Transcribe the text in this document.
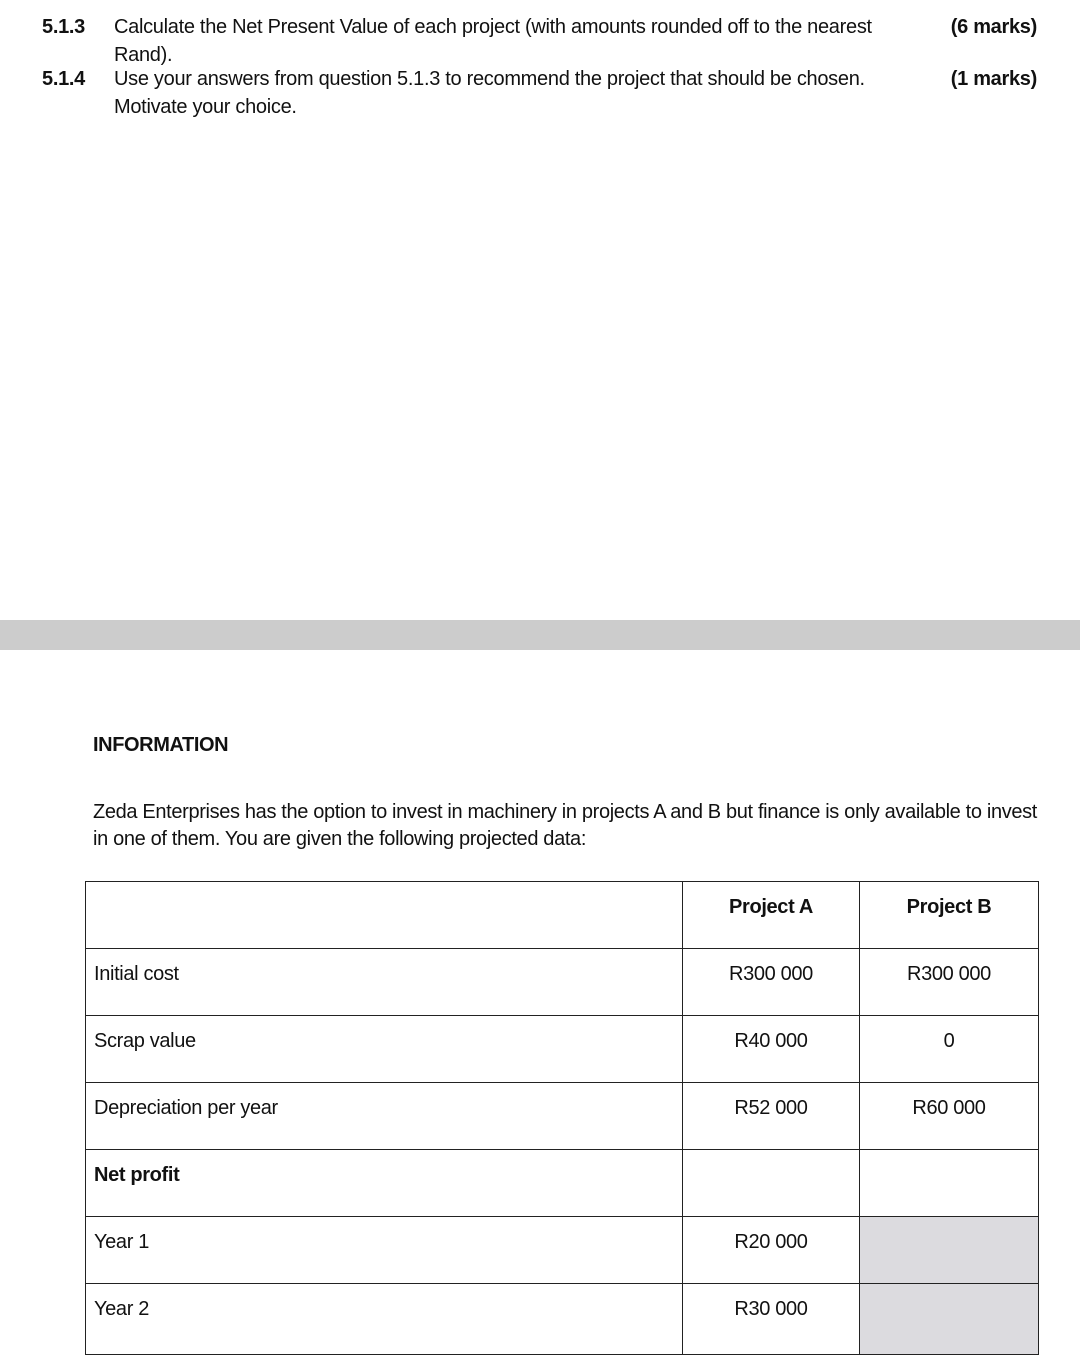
5.1.3 Calculate the Net Present Value of each project (with amounts rounded off to the nearest Rand).
(6 marks)
5.1.4 Use your answers from question 5.1.3 to recommend the project that should be chosen. Motivate your choice.
(1 marks)
INFORMATION
Zeda Enterprises has the option to invest in machinery in projects A and B but finance is only available to invest in one of them. You are given the following projected data:

	Project A	Project B

Initial cost	R300 000	R300 000

Scrap value	R40 000	0

Depreciation per year	R52 000	R60 000

Net profit		

Year 1	R20 000	

Year 2	R30 000	
